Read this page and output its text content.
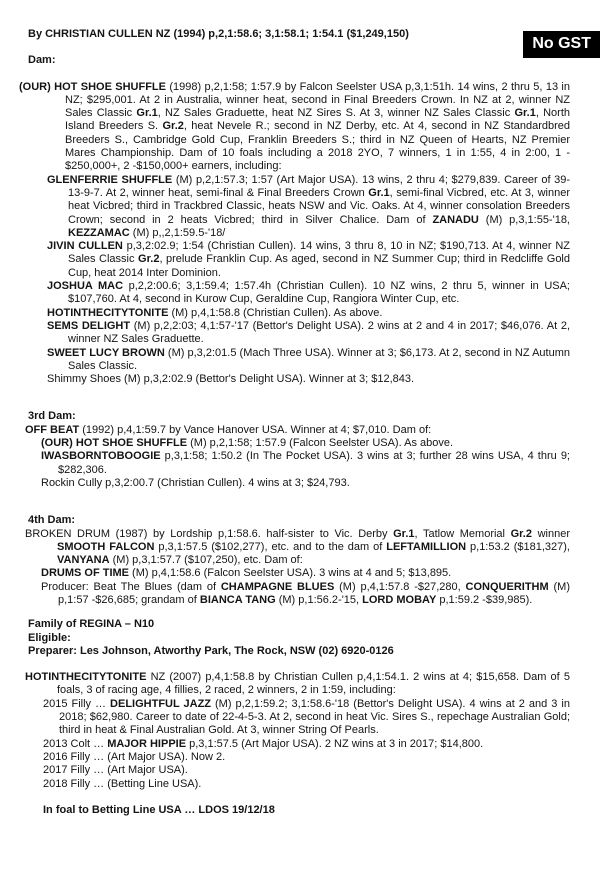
No GST

By CHRISTIAN CULLEN NZ (1994) p,2,1:58.6; 3,1:58.1; 1:54.1 ($1,249,150)

Dam:

(OUR) HOT SHOE SHUFFLE (1998) p,2,1:58; 1:57.9 by Falcon Seelster USA p,3,1:51h. 14 wins, 2 thru 5, 13 in NZ; $295,001. At 2 in Australia, winner heat, second in Final Breeders Crown. In NZ at 2, winner NZ Sales Classic Gr.1, NZ Sales Graduette, heat NZ Sires S. At 3, winner NZ Sales Classic Gr.1, North Island Breeders S. Gr.2, heat Nevele R.; second in NZ Derby, etc. At 4, second in NZ Standardbred Breeders S., Cambridge Gold Cup, Franklin Breeders S.; third in NZ Queen of Hearts, NZ Premier Mares Championship. Dam of 10 foals including a 2018 2YO, 7 winners, 1 in 1:55, 4 in 2:00, 1 - $250,000+, 2 -$150,000+ earners, including:

GLENFERRIE SHUFFLE (M) p,2,1:57.3; 1:57 (Art Major USA). 13 wins, 2 thru 4; $279,839. Career of 39-13-9-7. At 2, winner heat, semi-final & Final Breeders Crown Gr.1, semi-final Vicbred, etc. At 3, winner heat Vicbred; third in Trackbred Classic, heats NSW and Vic. Oaks. At 4, winner consolation Breeders Crown; second in 2 heats Vicbred; third in Silver Chalice. Dam of ZANADU (M) p,3,1:55-'18, KEZZAMAC (M) p,,2,1:59.5-'18/

JIVIN CULLEN p,3,2:02.9; 1:54 (Christian Cullen). 14 wins, 3 thru 8, 10 in NZ; $190,713. At 4, winner NZ Sales Classic Gr.2, prelude Franklin Cup. As aged, second in NZ Summer Cup; third in Redcliffe Gold Cup, heat 2014 Inter Dominion.

JOSHUA MAC p,2,2:00.6; 3,1:59.4; 1:57.4h (Christian Cullen). 10 NZ wins, 2 thru 5, winner in USA; $107,760. At 4, second in Kurow Cup, Geraldine Cup, Rangiora Winter Cup, etc.

HOTINTHECITYTONITE (M) p,4,1:58.8 (Christian Cullen). As above.

SEMS DELIGHT (M) p,2,2:03; 4,1:57-'17 (Bettor's Delight USA). 2 wins at 2 and 4 in 2017; $46,076. At 2, winner NZ Sales Graduette.

SWEET LUCY BROWN (M) p,3,2:01.5 (Mach Three USA). Winner at 3; $6,173. At 2, second in NZ Autumn Sales Classic.

Shimmy Shoes (M) p,3,2:02.9 (Bettor's Delight USA). Winner at 3; $12,843.

3rd Dam:

OFF BEAT (1992) p,4,1:59.7 by Vance Hanover USA. Winner at 4; $7,010. Dam of:

(OUR) HOT SHOE SHUFFLE (M) p,2,1:58; 1:57.9 (Falcon Seelster USA). As above.

IWASBORNTOBOOGIE p,3,1:58; 1:50.2 (In The Pocket USA). 3 wins at 3; further 28 wins USA, 4 thru 9; $282,306.

Rockin Cully p,3,2:00.7 (Christian Cullen). 4 wins at 3; $24,793.

4th Dam:

BROKEN DRUM (1987) by Lordship p,1:58.6. half-sister to Vic. Derby Gr.1, Tatlow Memorial Gr.2 winner SMOOTH FALCON p,3,1:57.5 ($102,277), etc. and to the dam of LEFTAMILLION p,1:53.2 ($181,327), VANYANA (M) p,3,1:57.7 ($107,250), etc. Dam of:

DRUMS OF TIME (M) p,4,1:58.6 (Falcon Seelster USA). 3 wins at 4 and 5; $13,895.

Producer: Beat The Blues (dam of CHAMPAGNE BLUES (M) p,4,1:57.8 -$27,280, CONQUERITHM (M) p,1:57 -$26,685; grandam of BIANCA TANG (M) p,1:56.2-'15, LORD MOBAY p,1:59.2 -$39,985).

Family of REGINA – N10

Eligible:

Preparer: Les Johnson, Atworthy Park, The Rock, NSW (02) 6920-0126

HOTINTHECITYTONITE NZ (2007) p,4,1:58.8 by Christian Cullen p,4,1:54.1. 2 wins at 4; $15,658. Dam of 5 foals, 3 of racing age, 4 fillies, 2 raced, 2 winners, 2 in 1:59, including:

2015 Filly … DELIGHTFUL JAZZ (M) p,2,1:59.2; 3,1:58.6-'18 (Bettor's Delight USA). 4 wins at 2 and 3 in 2018; $62,980. Career to date of 22-4-5-3. At 2, second in heat Vic. Sires S., repechage Australian Gold; third in heat & Final Australian Gold. At 3, winner String Of Pearls.

2013 Colt … MAJOR HIPPIE p,3,1:57.5 (Art Major USA). 2 NZ wins at 3 in 2017; $14,800.

2016 Filly … (Art Major USA). Now 2.

2017 Filly … (Art Major USA).

2018 Filly … (Betting Line USA).

In foal to Betting Line USA … LDOS 19/12/18
